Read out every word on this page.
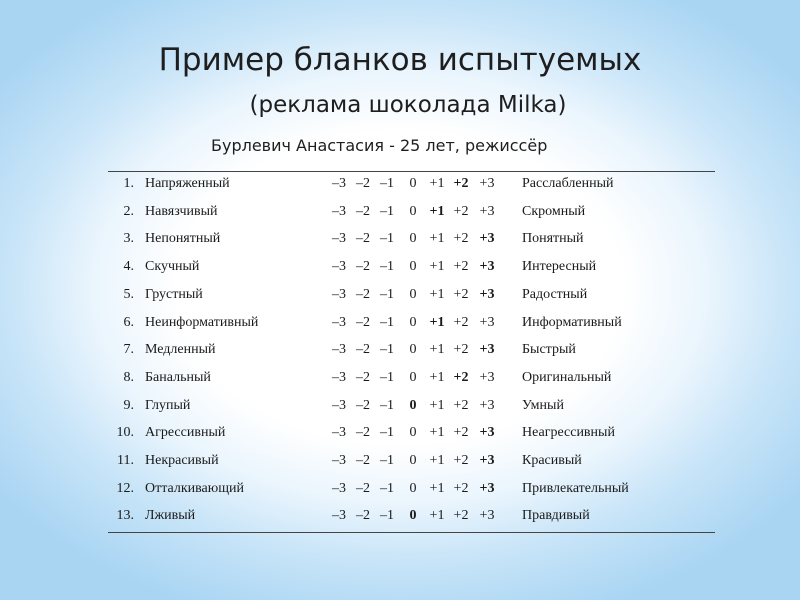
Пример бланков испытуемых
(реклама шоколада Milka)
Бурлевич Анастасия - 25 лет, режиссёр
1. Напряженный	–3 –2 –1	0 +1 +2 +3 Расслабленный
2. Навязчивый	–3 –2 –1	0 +1 +2 +3 Скромный
3. Непонятный	–3 –2 –1	0 +1 +2 +3 Понятный
4. Скучный	–3 –2 –1	0 +1 +2 +3 Интересный
5. Грустный	–3 –2 –1	0 +1 +2 +3 Радостный
6. Неинформативный	–3 –2 –1	0 +1 +2 +3 Информативный
7. Медленный	–3 –2 –1	0 +1 +2 +3 Быстрый
8. Банальный	–3 –2 –1	0 +1 +2 +3 Оригинальный
9. Глупый	–3 –2 –1	0 +1 +2 +3 Умный
10. Агрессивный	–3 –2 –1	0 +1 +2 +3 Неагрессивный
11. Некрасивый	–3 –2 –1	0 +1 +2 +3 Красивый
12. Отталкивающий	–3 –2 –1	0 +1 +2 +3 Привлекательный
13. Лживый	–3 –2 –1	0 +1 +2 +3 Правдивый
